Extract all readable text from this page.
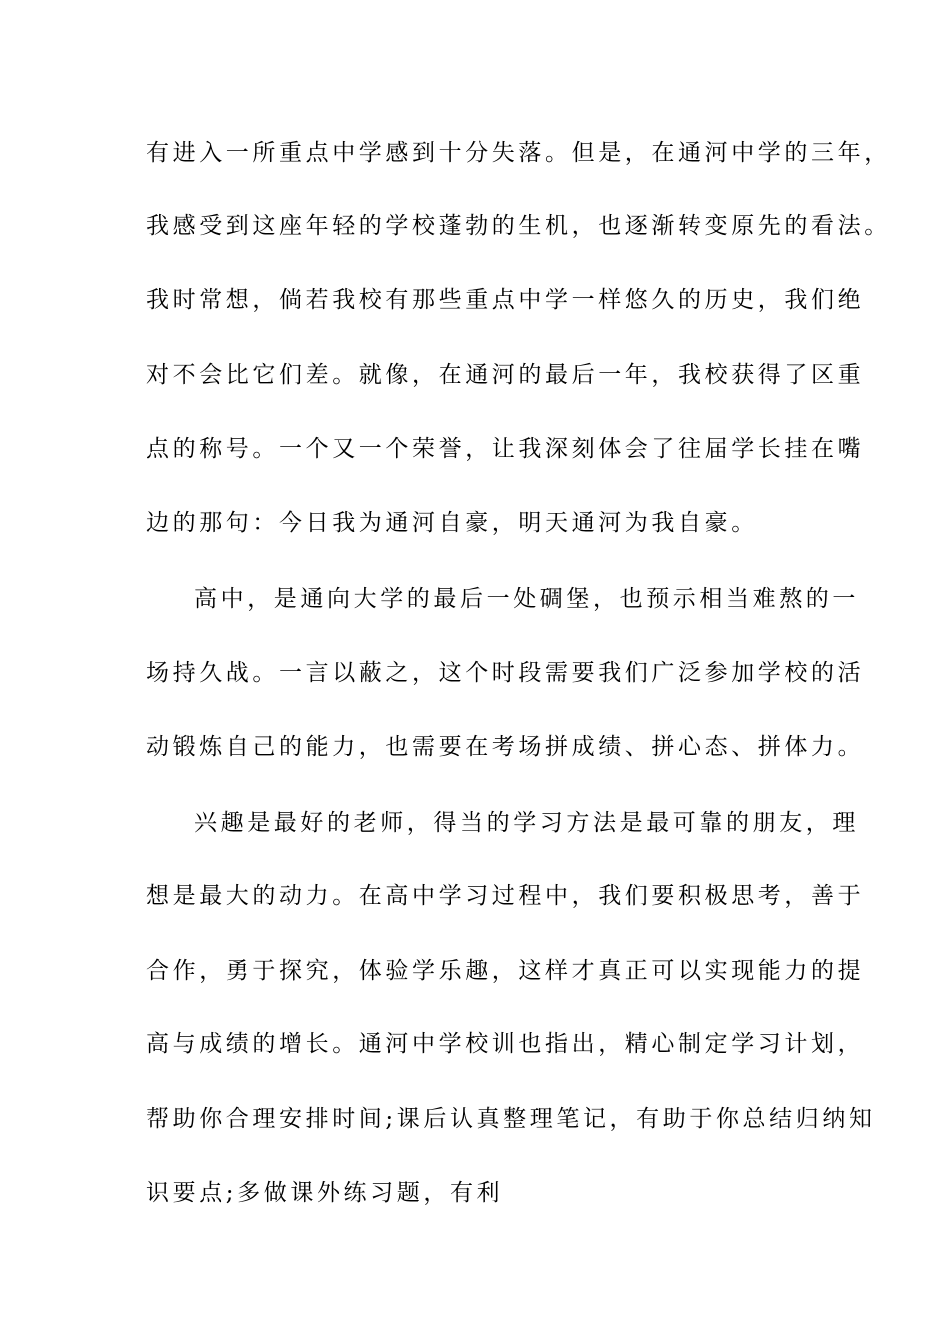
有进入一所重点中学感到十分失落。但是，在通河中学的三年，
我感受到这座年轻的学校蓬勃的生机，也逐渐转变原先的看法。
我时常想，倘若我校有那些重点中学一样悠久的历史，我们绝
对不会比它们差。就像，在通河的最后一年，我校获得了区重
点的称号。一个又一个荣誉，让我深刻体会了往届学长挂在嘴
边的那句：今日我为通河自豪，明天通河为我自豪。
高中，是通向大学的最后一处碉堡，也预示相当难熬的一
场持久战。一言以蔽之，这个时段需要我们广泛参加学校的活
动锻炼自己的能力，也需要在考场拼成绩、拼心态、拼体力。
兴趣是最好的老师，得当的学习方法是最可靠的朋友，理
想是最大的动力。在高中学习过程中，我们要积极思考，善于
合作，勇于探究，体验学乐趣，这样才真正可以实现能力的提
高与成绩的增长。通河中学校训也指出，精心制定学习计划，
帮助你合理安排时间;课后认真整理笔记，有助于你总结归纳知
识要点;多做课外练习题，有利
